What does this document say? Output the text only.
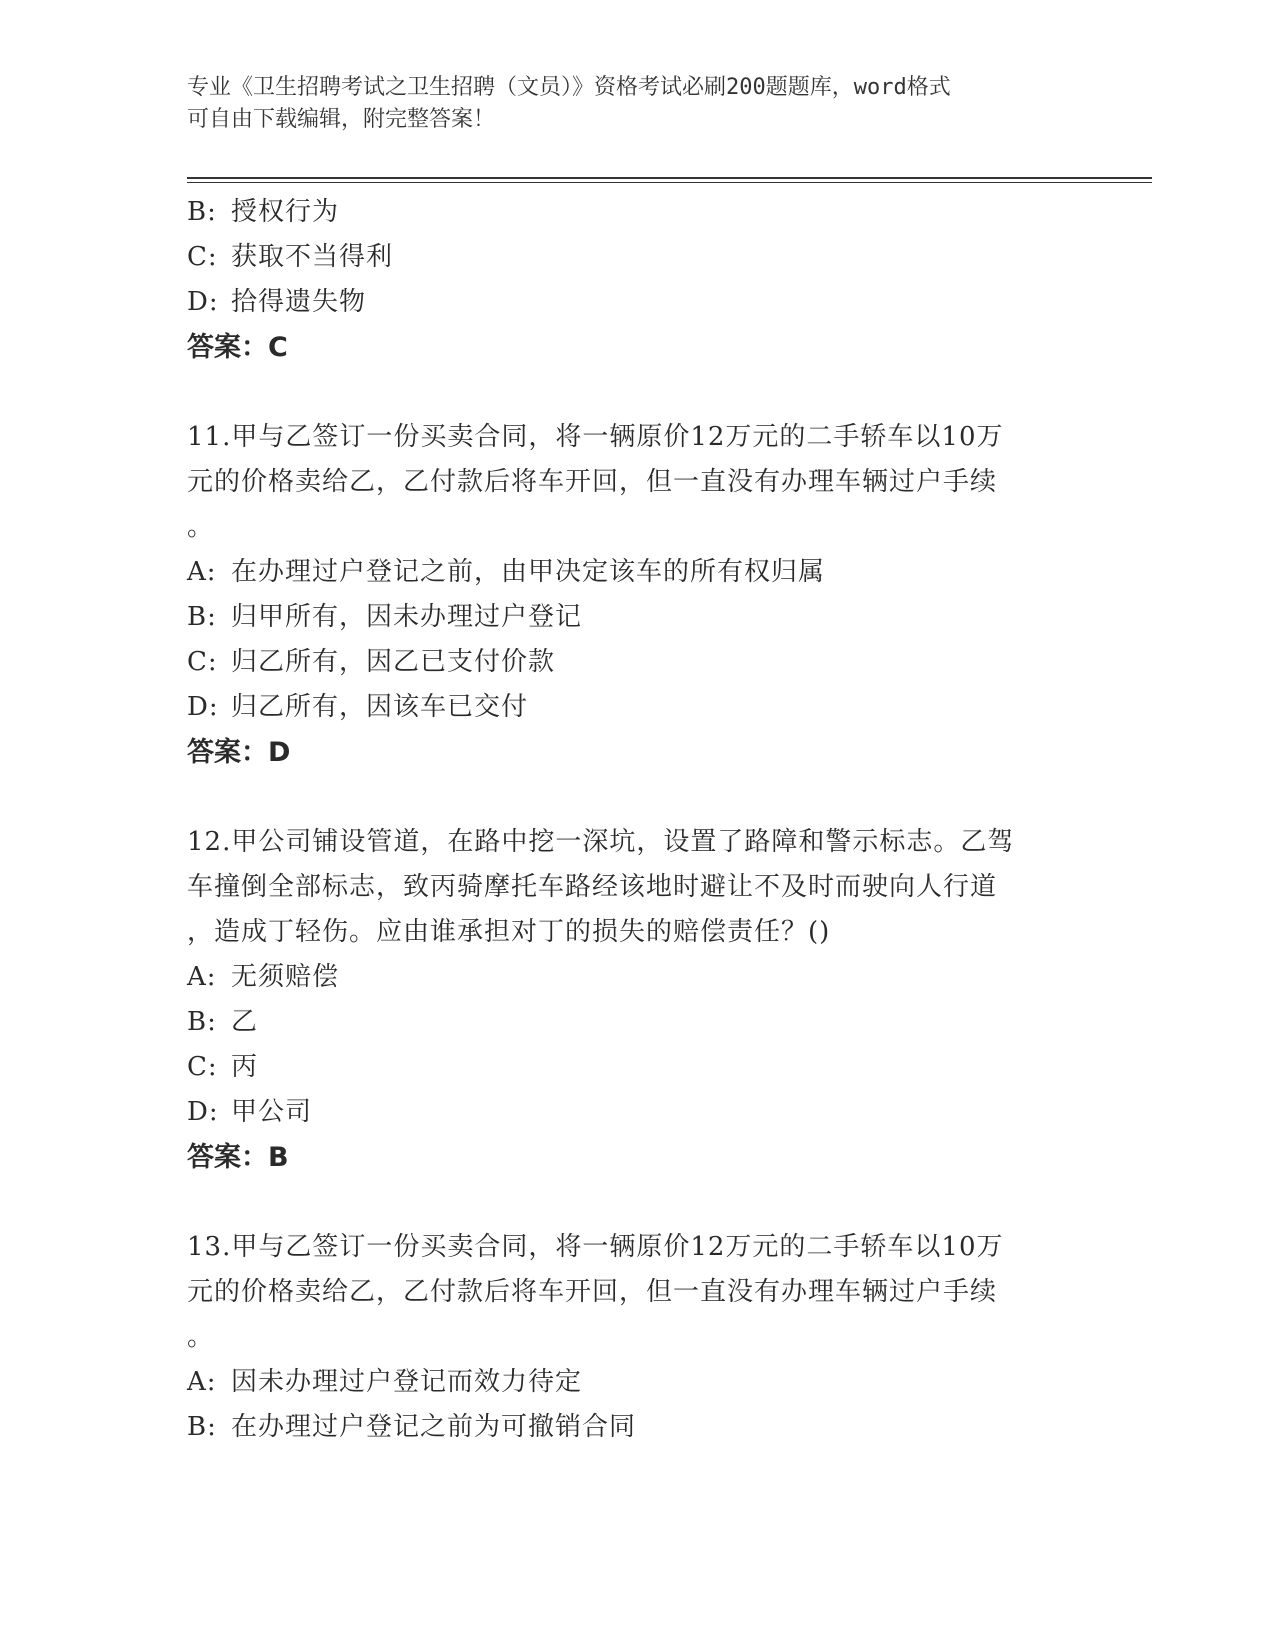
专业《卫生招聘考试之卫生招聘（文员）》资格考试必刷200题题库，word格式
可自由下载编辑，附完整答案！
B: 授权行为
C: 获取不当得利
D: 拾得遗失物
答案：C
11.甲与乙签订一份买卖合同，将一辆原价12万元的二手轿车以10万
元的价格卖给乙，乙付款后将车开回，但一直没有办理车辆过户手续
。
A: 在办理过户登记之前，由甲决定该车的所有权归属
B: 归甲所有，因未办理过户登记
C: 归乙所有，因乙已支付价款
D: 归乙所有，因该车已交付
答案：D
12.甲公司铺设管道，在路中挖一深坑，设置了路障和警示标志。乙驾
车撞倒全部标志，致丙骑摩托车路经该地时避让不及时而驶向人行道
，造成丁轻伤。应由谁承担对丁的损失的赔偿责任？()
A: 无须赔偿
B: 乙
C: 丙
D: 甲公司
答案：B
13.甲与乙签订一份买卖合同，将一辆原价12万元的二手轿车以10万
元的价格卖给乙，乙付款后将车开回，但一直没有办理车辆过户手续
。
A: 因未办理过户登记而效力待定
B: 在办理过户登记之前为可撤销合同
